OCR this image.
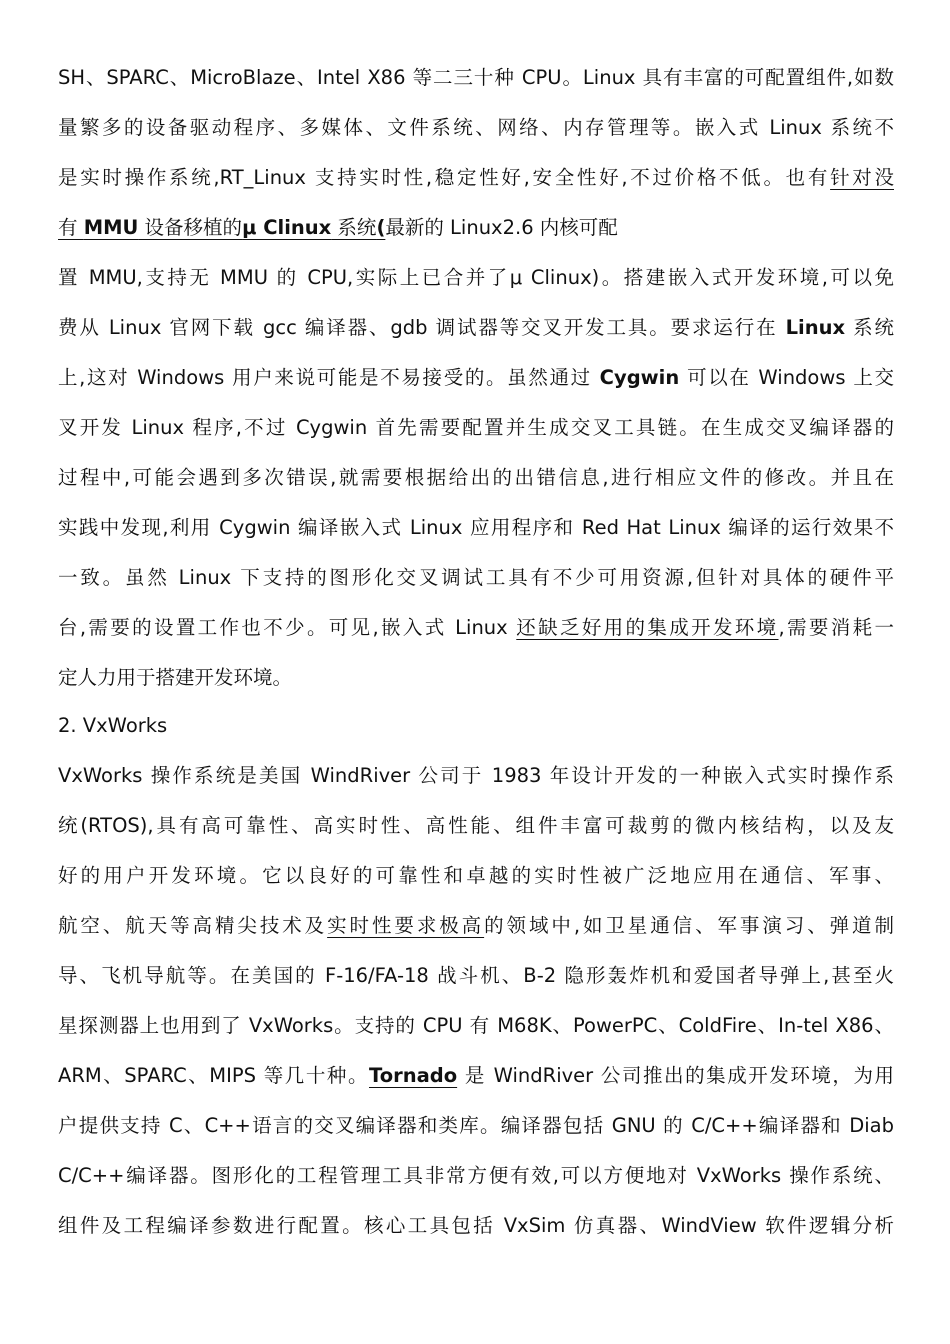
SH、SPARC、MicroBlaze、Intel X86 等二三十种 CPU。Linux 具有丰富的可配置组件,如数
量繁多的设备驱动程序、多媒体、文件系统、网络、内存管理等。嵌入式 Linux 系统不
是实时操作系统,RT_Linux 支持实时性,稳定性好,安全性好,不过价格不低。也有针对没
有 MMU 设备移植的μ Clinux 系统(最新的 Linux2.6 内核可配
置 MMU,支持无 MMU 的 CPU,实际上已合并了μ Clinux)。搭建嵌入式开发环境,可以免
费从 Linux 官网下载 gcc 编译器、gdb 调试器等交叉开发工具。要求运行在 Linux 系统
上,这对 Windows 用户来说可能是不易接受的。虽然通过 Cygwin 可以在 Windows 上交
叉开发 Linux 程序,不过 Cygwin 首先需要配置并生成交叉工具链。在生成交叉编译器的
过程中,可能会遇到多次错误,就需要根据给出的出错信息,进行相应文件的修改。并且在
实践中发现,利用 Cygwin 编译嵌入式 Linux 应用程序和 Red Hat Linux 编译的运行效果不
一致。虽然 Linux 下支持的图形化交叉调试工具有不少可用资源,但针对具体的硬件平
台,需要的设置工作也不少。可见,嵌入式 Linux 还缺乏好用的集成开发环境,需要消耗一
定人力用于搭建开发环境。
2. VxWorks
VxWorks 操作系统是美国 WindRiver 公司于 1983 年设计开发的一种嵌入式实时操作系
统(RTOS),具有高可靠性、高实时性、高性能、组件丰富可裁剪的微内核结构，以及友
好的用户开发环境。它以良好的可靠性和卓越的实时性被广泛地应用在通信、军事、
航空、航天等高精尖技术及实时性要求极高的领域中,如卫星通信、军事演习、弹道制
导、飞机导航等。在美国的 F-16/FA-18 战斗机、B-2 隐形轰炸机和爱国者导弹上,甚至火
星探测器上也用到了 VxWorks。支持的 CPU 有 M68K、PowerPC、ColdFire、In-tel X86、
ARM、SPARC、MIPS 等几十种。Tornado 是 WindRiver 公司推出的集成开发环境，为用
户提供支持 C、C++语言的交叉编译器和类库。编译器包括 GNU 的 C/C++编译器和 Diab
C/C++编译器。图形化的工程管理工具非常方便有效,可以方便地对 VxWorks 操作系统、
组件及工程编译参数进行配置。核心工具包括 VxSim 仿真器、WindView 软件逻辑分析
